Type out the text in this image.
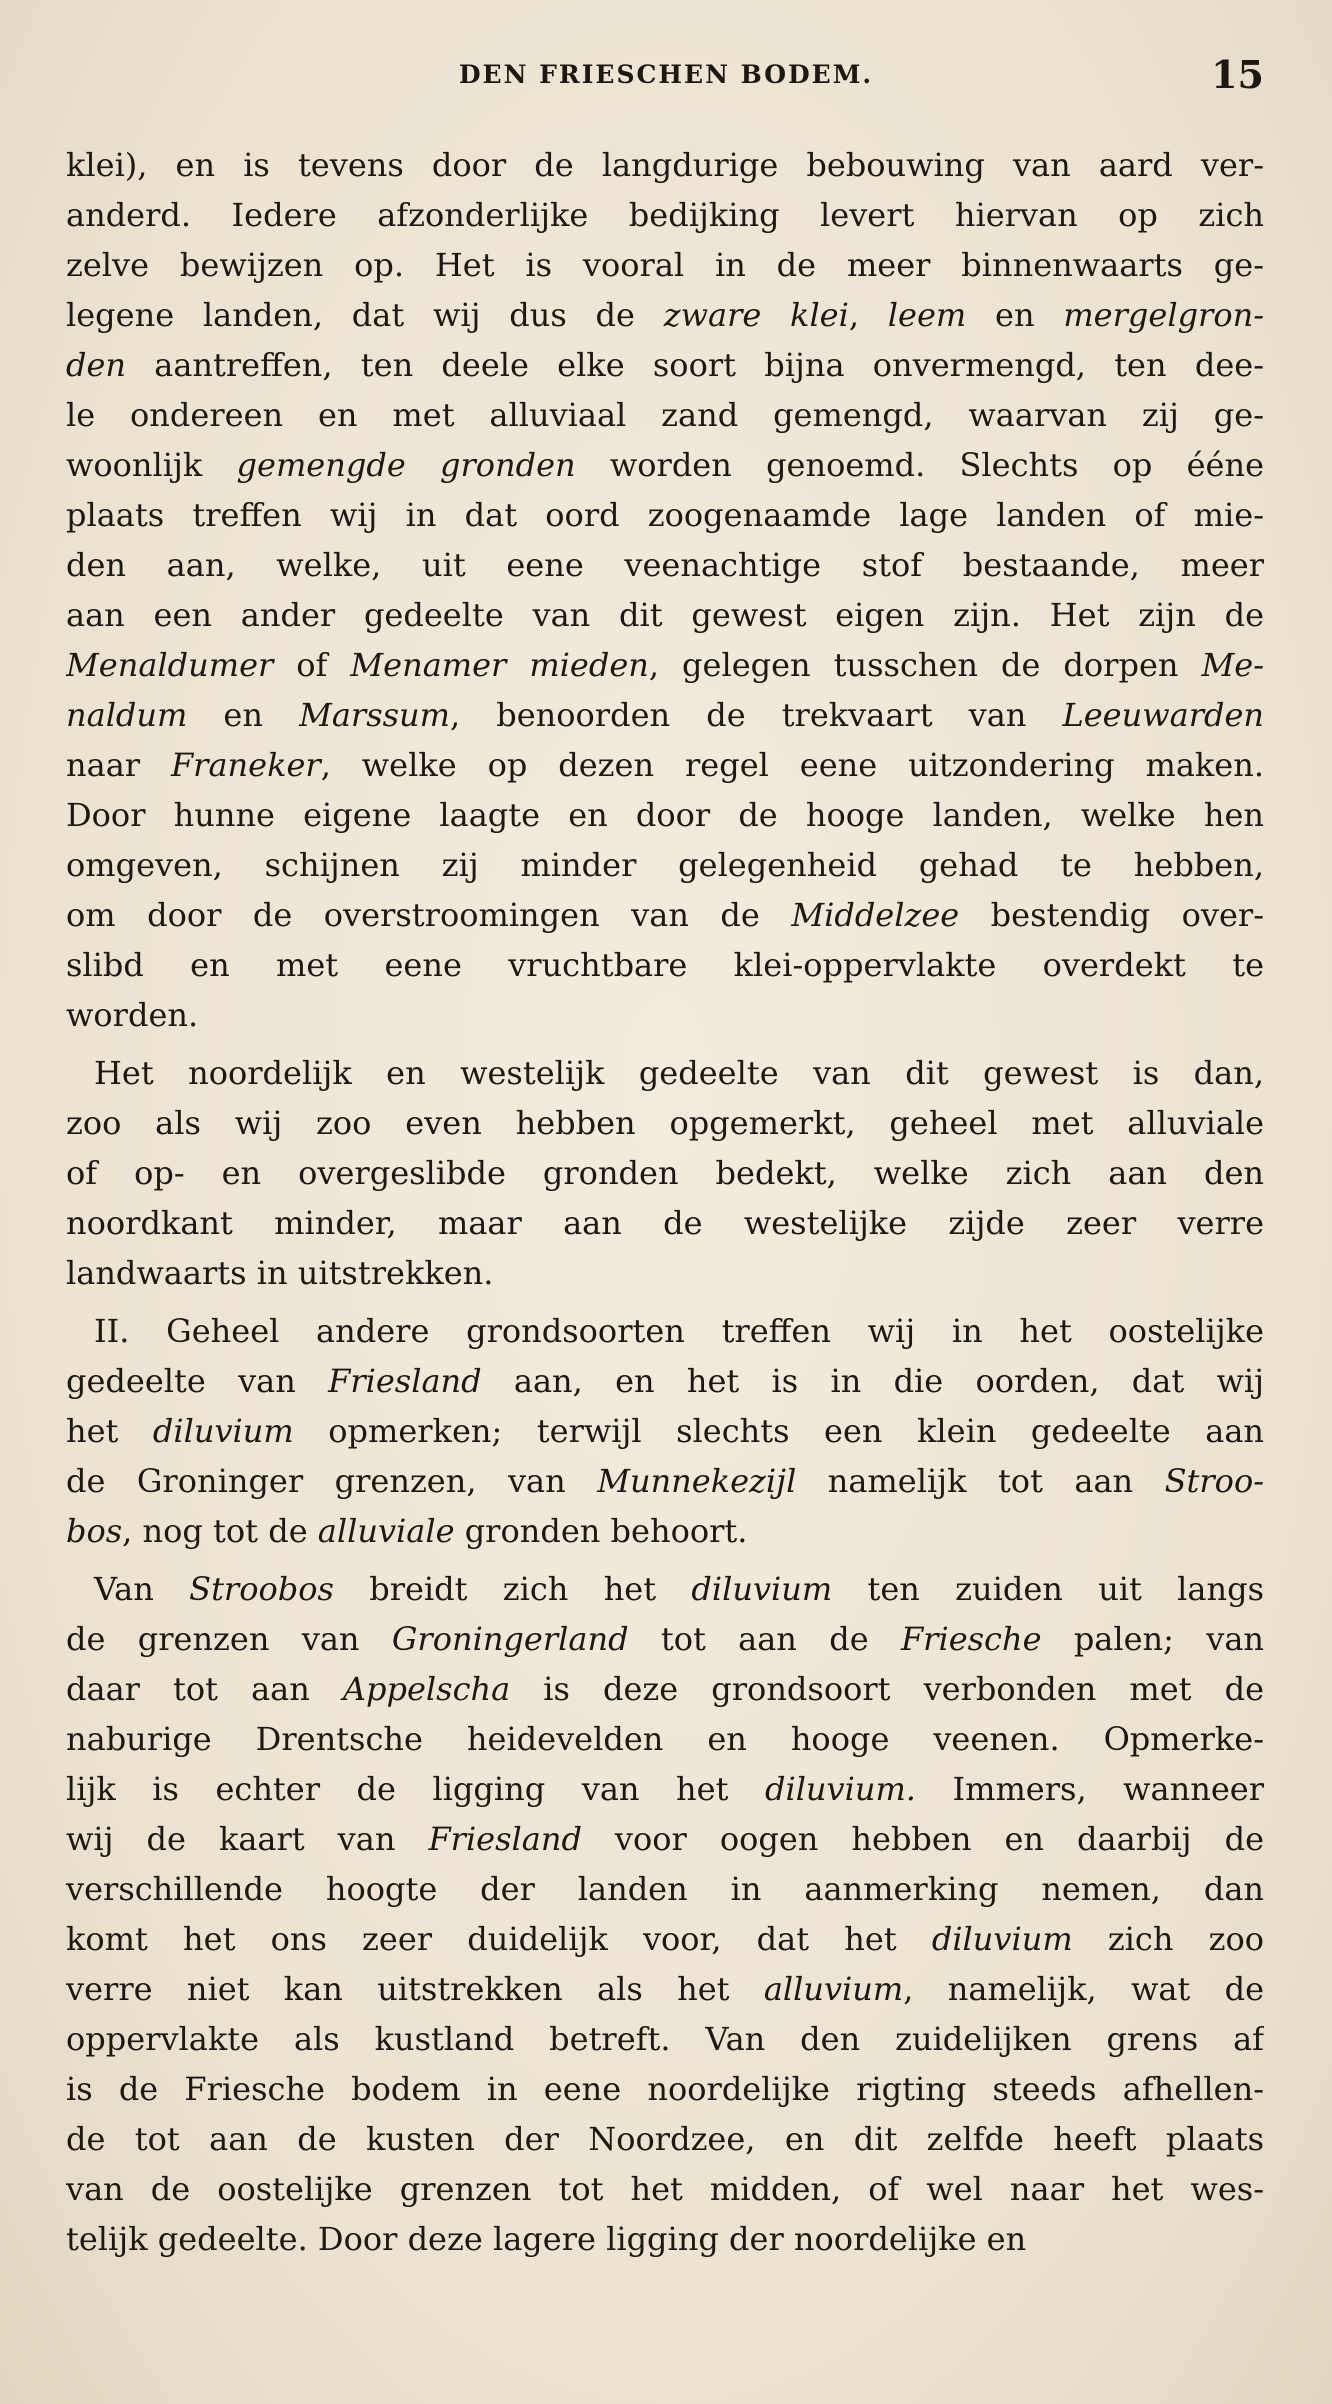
DEN FRIESCHEN BODEM.	15
klei), en is tevens door de langdurige bebouwing van aard ver-
anderd. Iedere afzonderlijke bedijking levert hiervan op zich
zelve bewijzen op. Het is vooral in de meer binnenwaarts ge-
legene landen, dat wij dus de zware klei, leem en mergelgron-
den aantreffen, ten deele elke soort bijna onvermengd, ten dee-
le ondereen en met alluviaal zand gemengd, waarvan zij ge-
woonlijk gemengde gronden worden genoemd. Slechts op ééne
plaats treffen wij in dat oord zoogenaamde lage landen of mie-
den aan, welke, uit eene veenachtige stof bestaande, meer
aan een ander gedeelte van dit gewest eigen zijn. Het zijn de
Menaldumer of Menamer mieden, gelegen tusschen de dorpen Me-
naldum en Marssum, benoorden de trekvaart van Leeuwarden
naar Franeker, welke op dezen regel eene uitzondering maken.
Door hunne eigene laagte en door de hooge landen, welke hen
omgeven, schijnen zij minder gelegenheid gehad te hebben,
om door de overstroomingen van de Middelzee bestendig over-
slibd en met eene vruchtbare klei-oppervlakte overdekt te
worden.
Het noordelijk en westelijk gedeelte van dit gewest is dan,
zoo als wij zoo even hebben opgemerkt, geheel met alluviale
of op- en overgeslibde gronden bedekt, welke zich aan den
noordkant minder, maar aan de westelijke zijde zeer verre
landwaarts in uitstrekken.
II. Geheel andere grondsoorten treffen wij in het oostelijke
gedeelte van Friesland aan, en het is in die oorden, dat wij
het diluvium opmerken; terwijl slechts een klein gedeelte aan
de Groninger grenzen, van Munnekezijl namelijk tot aan Stroo-
bos, nog tot de alluviale gronden behoort.
Van Stroobos breidt zich het diluvium ten zuiden uit langs
de grenzen van Groningerland tot aan de Friesche palen; van
daar tot aan Appelscha is deze grondsoort verbonden met de
naburige Drentsche heidevelden en hooge veenen. Opmerke-
lijk is echter de ligging van het diluvium. Immers, wanneer
wij de kaart van Friesland voor oogen hebben en daarbij de
verschillende hoogte der landen in aanmerking nemen, dan
komt het ons zeer duidelijk voor, dat het diluvium zich zoo
verre niet kan uitstrekken als het alluvium, namelijk, wat de
oppervlakte als kustland betreft. Van den zuidelijken grens af
is de Friesche bodem in eene noordelijke rigting steeds afhellen-
de tot aan de kusten der Noordzee, en dit zelfde heeft plaats
van de oostelijke grenzen tot het midden, of wel naar het wes-
telijk gedeelte. Door deze lagere ligging der noordelijke en
